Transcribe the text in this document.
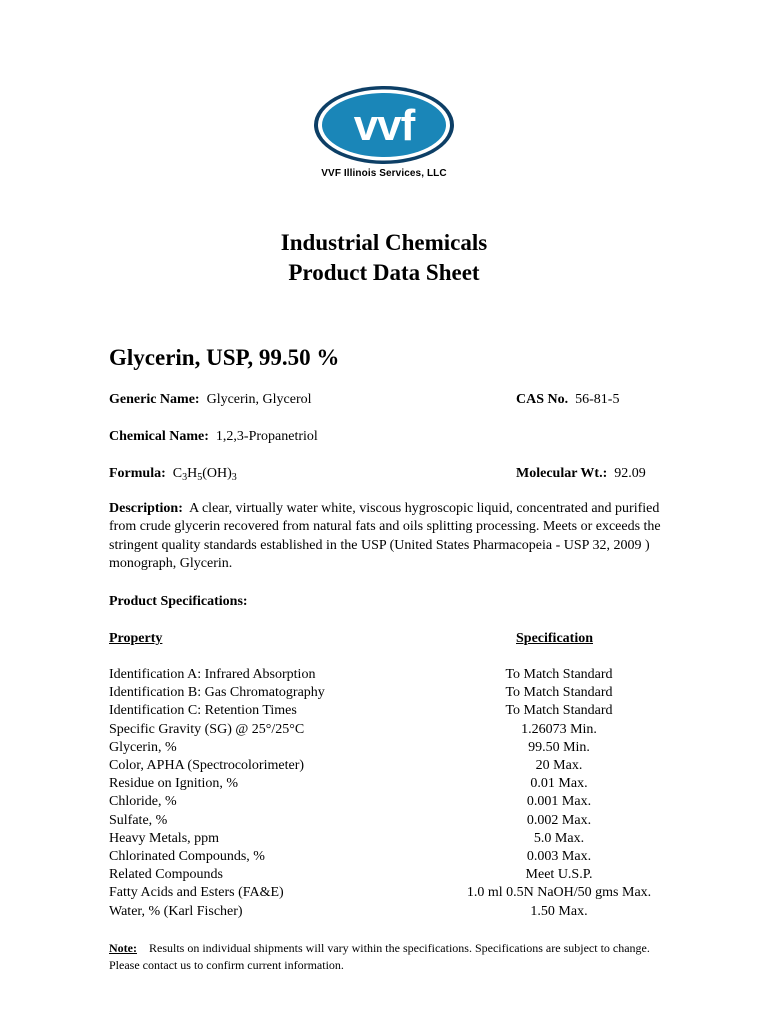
vvf
VVF Illinois Services, LLC
Industrial Chemicals
Product Data Sheet
Glycerin, USP, 99.50 %
Generic Name: Glycerin, Glycerol	CAS No. 56-81-5
Chemical Name: 1,2,3-Propanetriol
Formula: $C_3H_5(OH)_3$	Molecular Wt.: 92.09
Description: A clear, virtually water white, viscous hygroscopic liquid, concentrated and purified from crude glycerin recovered from natural fats and oils splitting processing. Meets or exceeds the stringent quality standards established in the USP (United States Pharmacopeia - USP 32, 2009 ) monograph, Glycerin.
Product Specifications:
Property	Specification
Identification A: Infrared Absorption	To Match Standard
Identification B: Gas Chromatography	To Match Standard
Identification C: Retention Times	To Match Standard
Specific Gravity (SG) @ 25°/25°C	1.26073 Min.
Glycerin, %	99.50 Min.
Color, APHA (Spectrocolorimeter)	20 Max.
Residue on Ignition, %	0.01 Max.
Chloride, %	0.001 Max.
Sulfate, %	0.002 Max.
Heavy Metals, ppm	5.0 Max.
Chlorinated Compounds, %	0.003 Max.
Related Compounds	Meet U.S.P.
Fatty Acids and Esters (FA&E)	1.0 ml 0.5N NaOH/50 gms Max.
Water, % (Karl Fischer)	1.50 Max.
Note: Results on individual shipments will vary within the specifications. Specifications are subject to change. Please contact us to confirm current information.
